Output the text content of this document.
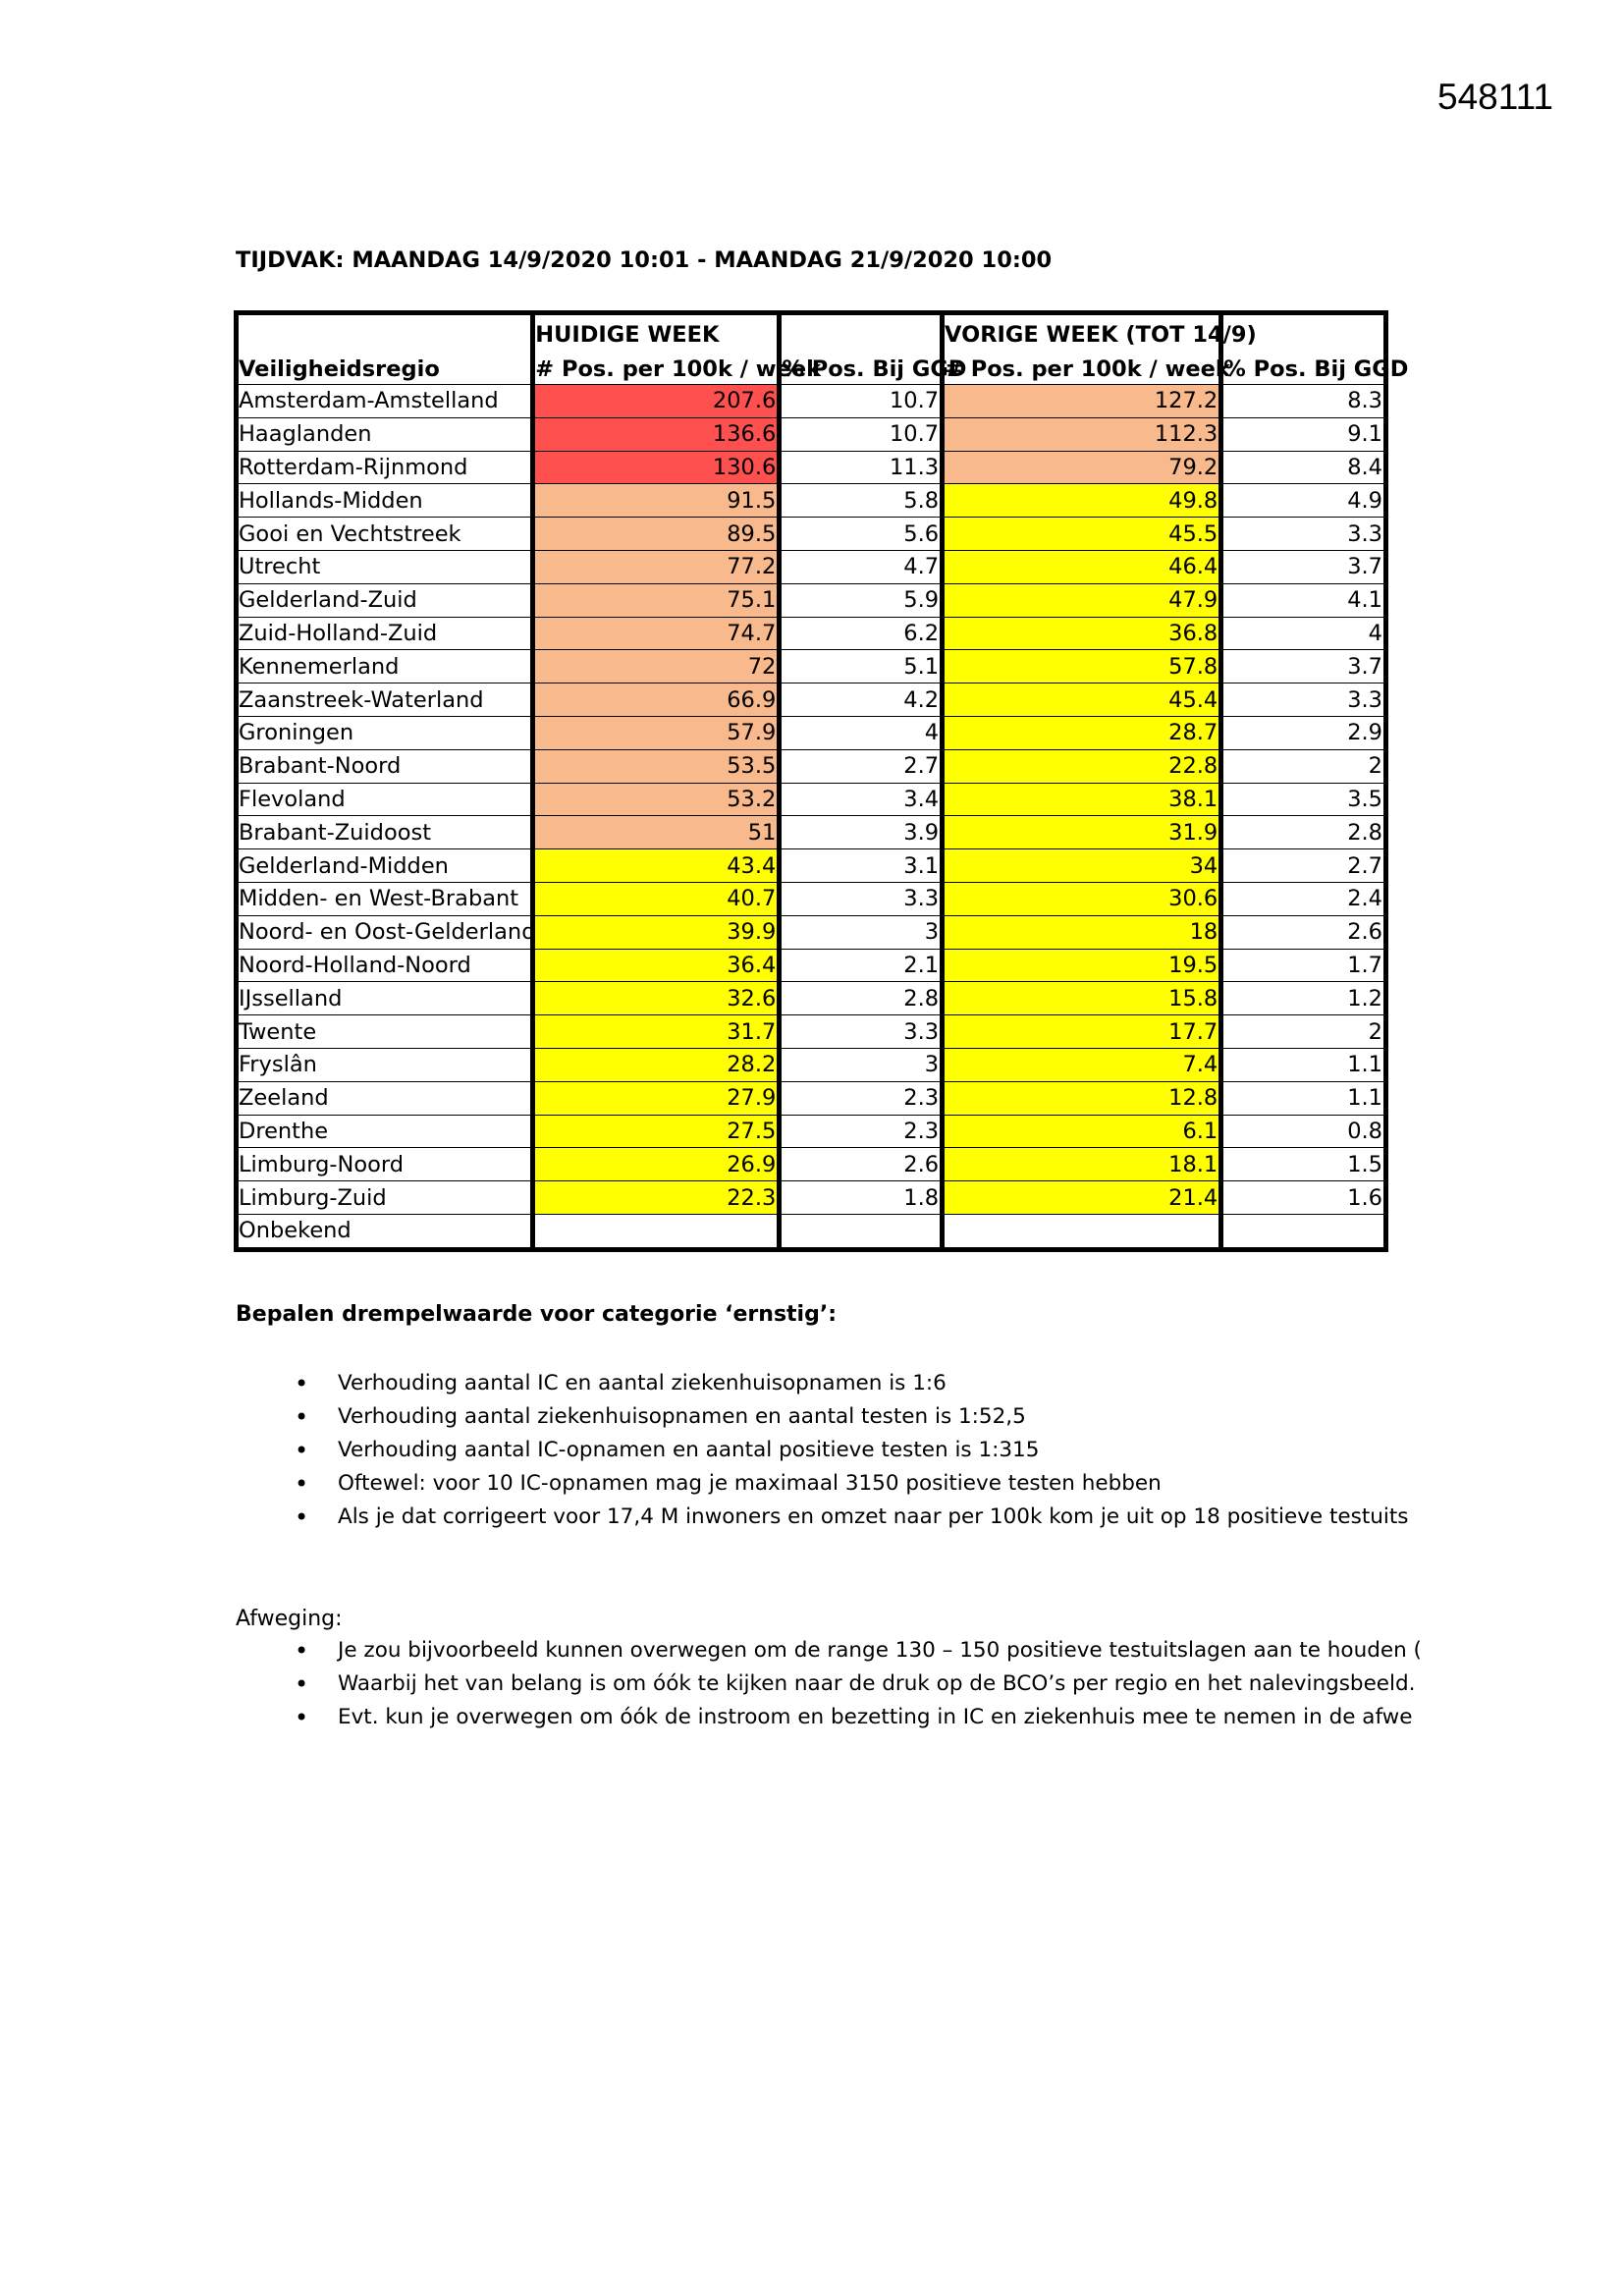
548111
TIJDVAK: MAANDAG 14/9/2020 10:01 - MAANDAG 21/9/2020 10:00
	HUIDIGE WEEK		VORIGE WEEK (TOT 14/9)	
Veiligheidsregio	# Pos. per 100k / week	% Pos. Bij GGD	# Pos. per 100k / week	% Pos. Bij GGD
Amsterdam-Amstelland	207.6	10.7	127.2	8.3
Haaglanden	136.6	10.7	112.3	9.1
Rotterdam-Rijnmond	130.6	11.3	79.2	8.4
Hollands-Midden	91.5	5.8	49.8	4.9
Gooi en Vechtstreek	89.5	5.6	45.5	3.3
Utrecht	77.2	4.7	46.4	3.7
Gelderland-Zuid	75.1	5.9	47.9	4.1
Zuid-Holland-Zuid	74.7	6.2	36.8	4
Kennemerland	72	5.1	57.8	3.7
Zaanstreek-Waterland	66.9	4.2	45.4	3.3
Groningen	57.9	4	28.7	2.9
Brabant-Noord	53.5	2.7	22.8	2
Flevoland	53.2	3.4	38.1	3.5
Brabant-Zuidoost	51	3.9	31.9	2.8
Gelderland-Midden	43.4	3.1	34	2.7
Midden- en West-Brabant	40.7	3.3	30.6	2.4
Noord- en Oost-Gelderland	39.9	3	18	2.6
Noord-Holland-Noord	36.4	2.1	19.5	1.7
IJsselland	32.6	2.8	15.8	1.2
Twente	31.7	3.3	17.7	2
Fryslân	28.2	3	7.4	1.1
Zeeland	27.9	2.3	12.8	1.1
Drenthe	27.5	2.3	6.1	0.8
Limburg-Noord	26.9	2.6	18.1	1.5
Limburg-Zuid	22.3	1.8	21.4	1.6
Onbekend				
Bepalen drempelwaarde voor categorie ‘ernstig’:
• Verhouding aantal IC en aantal ziekenhuisopnamen is 1:6
• Verhouding aantal ziekenhuisopnamen en aantal testen is 1:52,5
• Verhouding aantal IC-opnamen en aantal positieve testen is 1:315
• Oftewel: voor 10 IC-opnamen mag je maximaal 3150 positieve testen hebben
• Als je dat corrigeert voor 17,4 M inwoners en omzet naar per 100k kom je uit op 18 positieve testuits
Afweging:
• Je zou bijvoorbeeld kunnen overwegen om de range 130 – 150 positieve testuitslagen aan te houden (
• Waarbij het van belang is om óók te kijken naar de druk op de BCO’s per regio en het nalevingsbeeld.
• Evt. kun je overwegen om óók de instroom en bezetting in IC en ziekenhuis mee te nemen in de afwe
